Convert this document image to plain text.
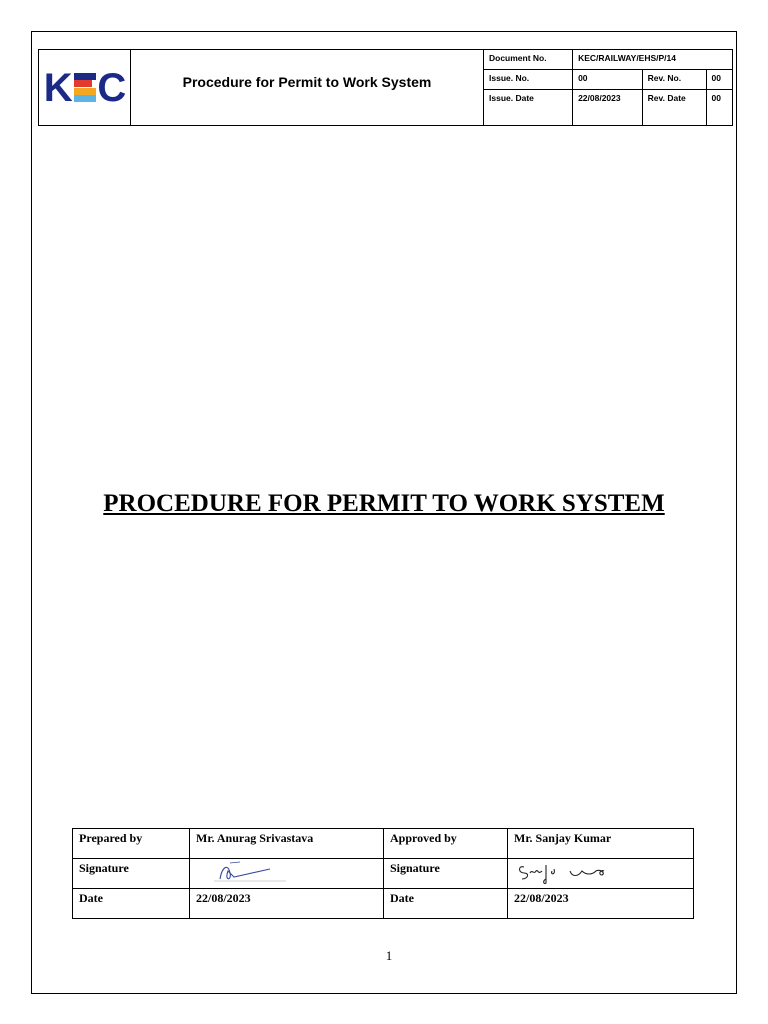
K C	Procedure for Permit to Work System
Document No.	KEC/RAILWAY/EHS/P/14		
Issue. No.	00	Rev. No.	00
Issue. Date	22/08/2023	Rev. Date	00
PROCEDURE FOR PERMIT TO WORK SYSTEM
Prepared by	Mr. Anurag Srivastava	Approved by	Mr. Sanjay Kumar
Signature		Signature	

Date	22/08/2023	Date	22/08/2023
1
